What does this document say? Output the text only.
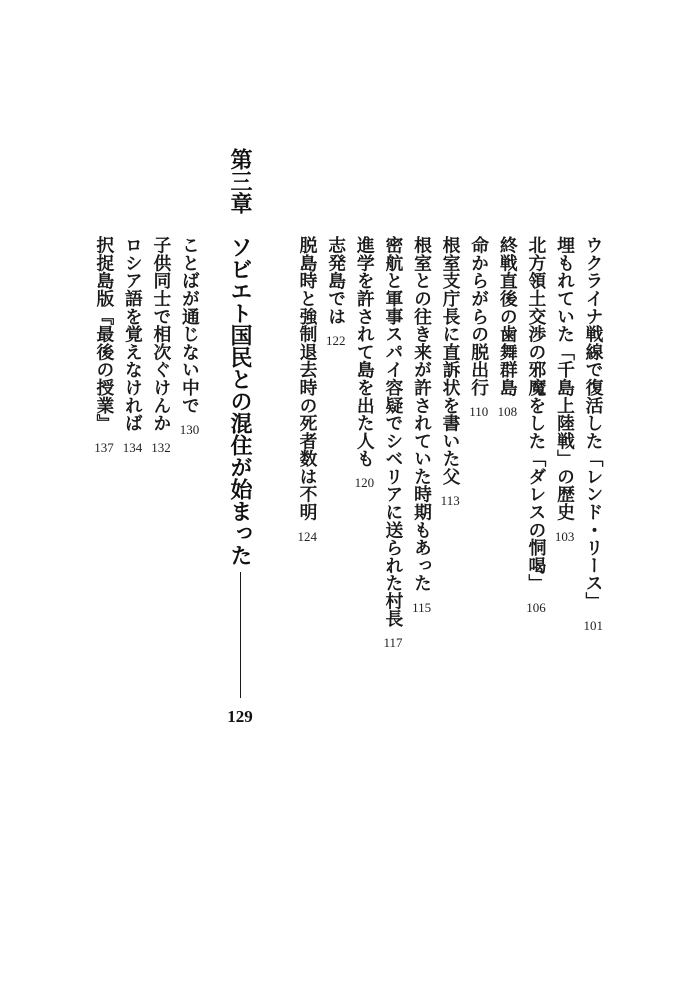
ウクライナ戦線で復活した「レンド・リース」
101
埋もれていた「千島上陸戦」の歴史
103
北方領土交渉の邪魔をした「ダレスの恫喝」
106
終戦直後の歯舞群島
108
命からがらの脱出行
110
根室支庁長に直訴状を書いた父
113
根室との往き来が許されていた時期もあった
115
密航と軍事スパイ容疑でシベリアに送られた村長
117
進学を許されて島を出た人も
120
志発島では
122
脱島時と強制退去時の死者数は不明
124
第三章
ソビエト国民との混住が始まった
129
ことばが通じない中で
130
子供同士で相次ぐけんか
132
ロシア語を覚えなければ
134
択捉島版『最後の授業』
137
